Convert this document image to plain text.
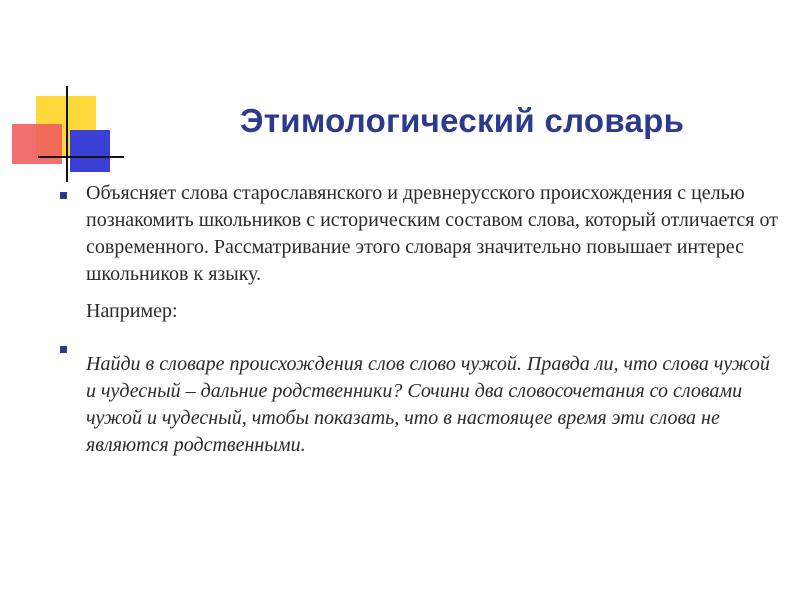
Этимологический словарь

Объясняет слова старославянского и древнерусского происхождения с целью познакомить школьников с историческим составом слова, который отличается от современного. Рассматривание этого словаря значительно повышает интерес школьников к языку.

Например:

Найди в словаре происхождения слов слово чужой. Правда ли, что слова чужой и чудесный – дальние родственники? Сочини два словосочетания со словами чужой и чудесный, чтобы показать, что в настоящее время эти слова не являются родственными.
